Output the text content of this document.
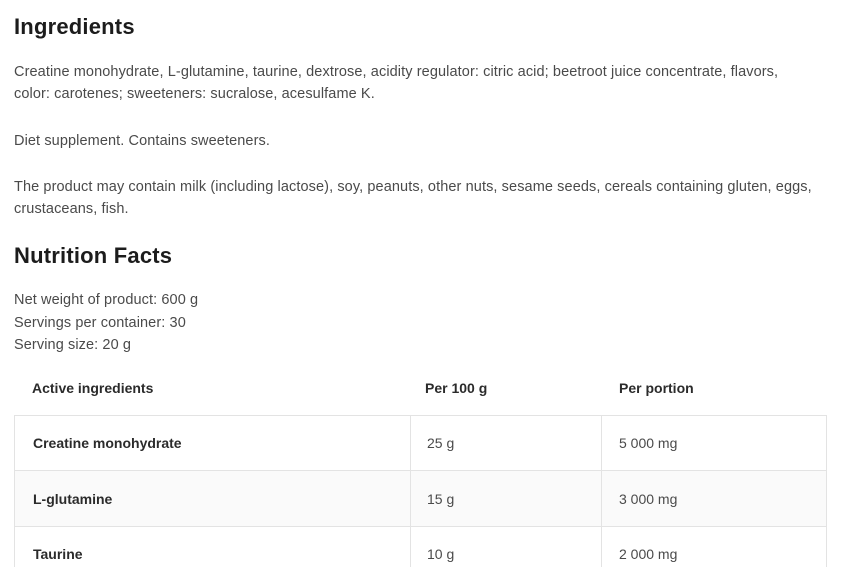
Ingredients

Creatine monohydrate, L-glutamine, taurine, dextrose, acidity regulator: citric acid; beetroot juice concentrate, flavors, color: carotenes; sweeteners: sucralose, acesulfame K.

Diet supplement. Contains sweeteners.

The product may contain milk (including lactose), soy, peanuts, other nuts, sesame seeds, cereals containing gluten, eggs, crustaceans, fish.

Nutrition Facts
Net weight of product: 600 g
Servings per container: 30
Serving size: 20 g
Active ingredients	Per 100 g	Per portion
Creatine monohydrate	25 g	5 000 mg
L-glutamine	15 g	3 000 mg
Taurine	10 g	2 000 mg
